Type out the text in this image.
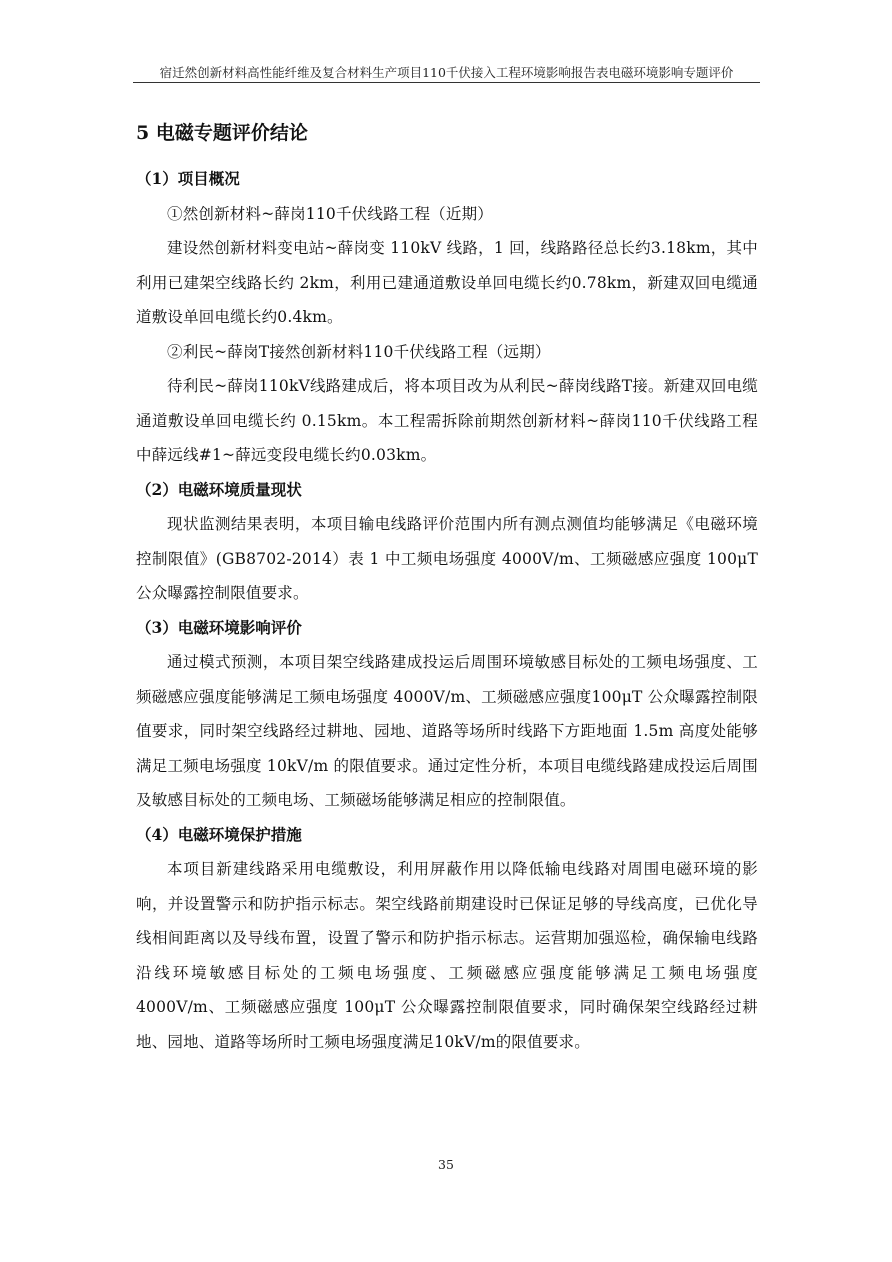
宿迁然创新材料高性能纤维及复合材料生产项目110千伏接入工程环境影响报告表电磁环境影响专题评价
5 电磁专题评价结论
（1）项目概况

①然创新材料~薛岗110千伏线路工程（近期）

建设然创新材料变电站~薛岗变 110kV 线路，1 回，线路路径总长约3.18km，其中利用已建架空线路长约 2km，利用已建通道敷设单回电缆长约0.78km，新建双回电缆通道敷设单回电缆长约0.4km。

②利民~薛岗T接然创新材料110千伏线路工程（远期）

待利民~薛岗110kV线路建成后，将本项目改为从利民~薛岗线路T接。新建双回电缆通道敷设单回电缆长约 0.15km。本工程需拆除前期然创新材料~薛岗110千伏线路工程中薛远线#1~薛远变段电缆长约0.03km。

（2）电磁环境质量现状

现状监测结果表明，本项目输电线路评价范围内所有测点测值均能够满足《电磁环境控制限值》(GB8702-2014）表 1 中工频电场强度 4000V/m、工频磁感应强度 100μT 公众曝露控制限值要求。

（3）电磁环境影响评价

通过模式预测，本项目架空线路建成投运后周围环境敏感目标处的工频电场强度、工频磁感应强度能够满足工频电场强度 4000V/m、工频磁感应强度100μT 公众曝露控制限值要求，同时架空线路经过耕地、园地、道路等场所时线路下方距地面 1.5m 高度处能够满足工频电场强度 10kV/m 的限值要求。通过定性分析，本项目电缆线路建成投运后周围及敏感目标处的工频电场、工频磁场能够满足相应的控制限值。

（4）电磁环境保护措施

本项目新建线路采用电缆敷设，利用屏蔽作用以降低输电线路对周围电磁环境的影响，并设置警示和防护指示标志。架空线路前期建设时已保证足够的导线高度，已优化导线相间距离以及导线布置，设置了警示和防护指示标志。运营期加强巡检，确保输电线路沿线环境敏感目标处的工频电场强度、工频磁感应强度能够满足工频电场强度 4000V/m、工频磁感应强度 100μT 公众曝露控制限值要求，同时确保架空线路经过耕地、园地、道路等场所时工频电场强度满足10kV/m的限值要求。

35
